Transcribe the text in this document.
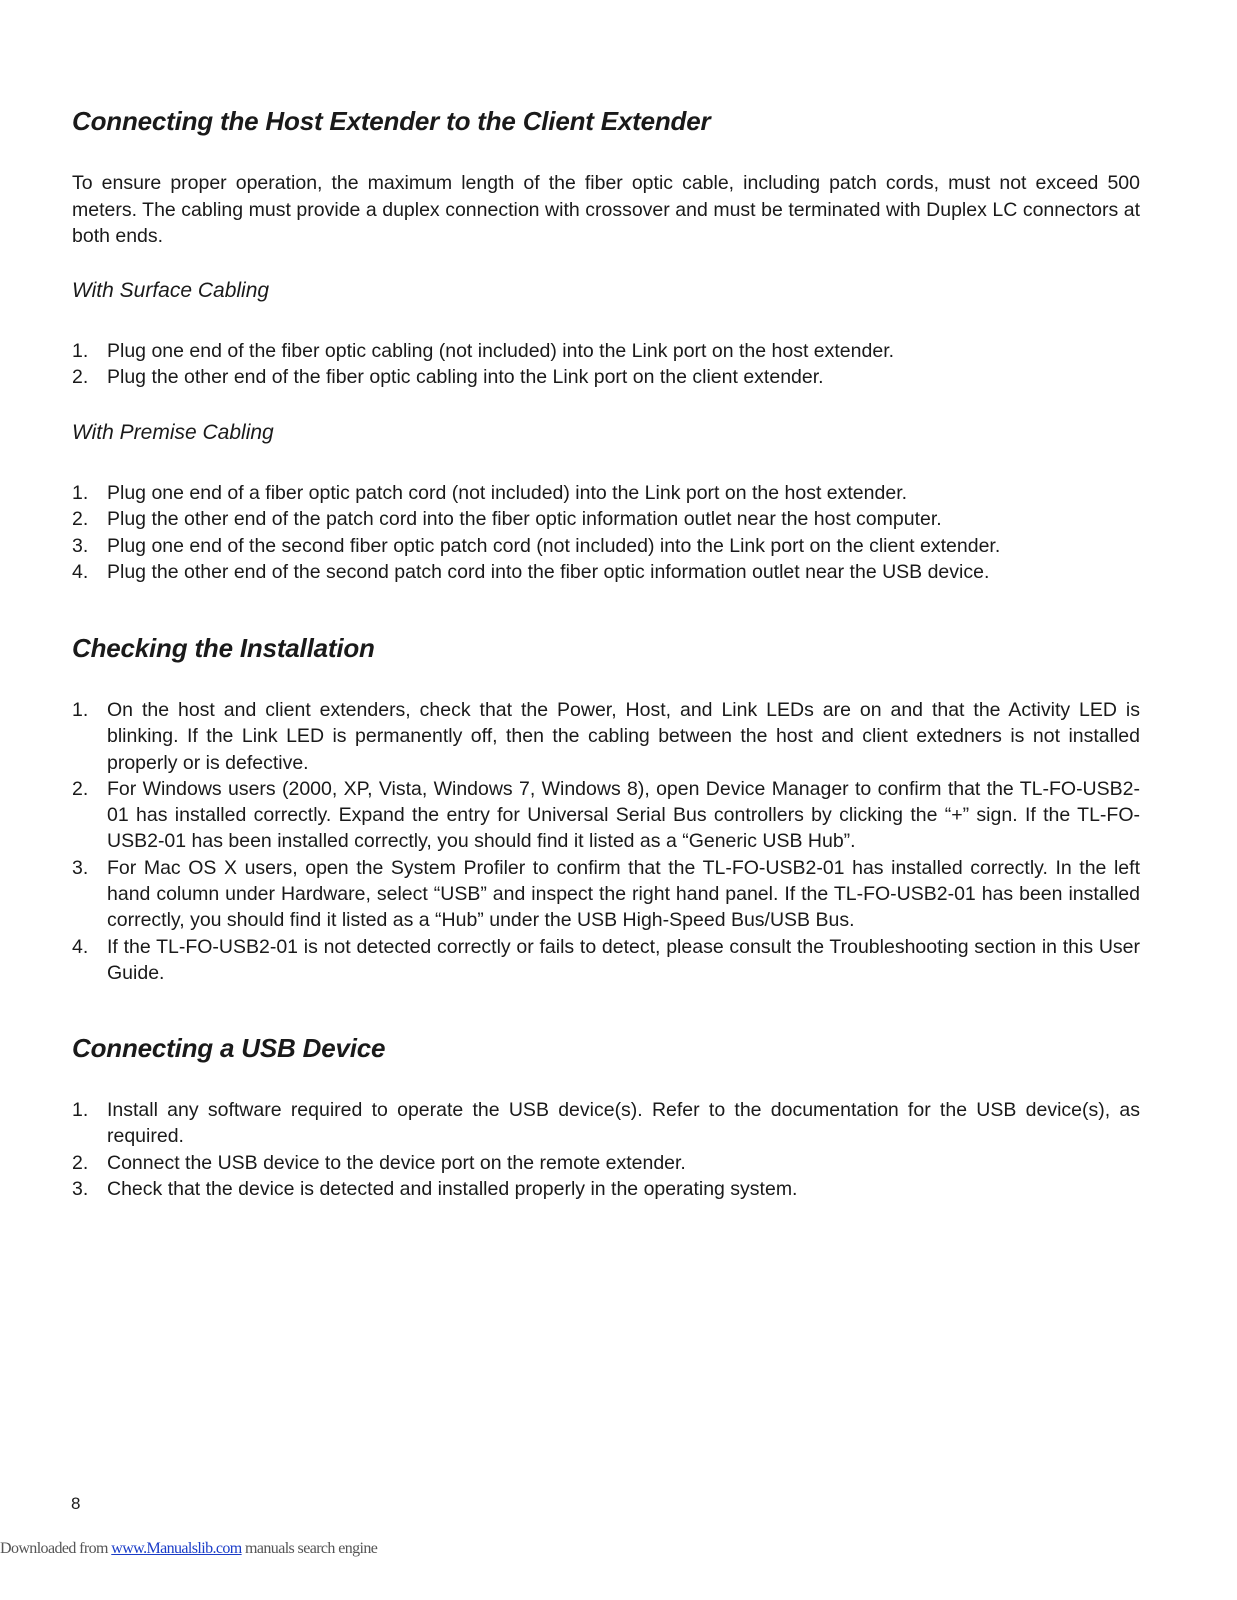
Connecting the Host Extender to the Client Extender
To ensure proper operation, the maximum length of the fiber optic cable, including patch cords, must not exceed 500 meters. The cabling must provide a duplex connection with crossover and must be terminated with Duplex LC connectors at both ends.
With Surface Cabling
1. Plug one end of the fiber optic cabling (not included) into the Link port on the host extender.
2. Plug the other end of the fiber optic cabling into the Link port on the client extender.
With Premise Cabling
1. Plug one end of a fiber optic patch cord (not included) into the Link port on the host extender.
2. Plug the other end of the patch cord into the fiber optic information outlet near the host computer.
3. Plug one end of the second fiber optic patch cord (not included) into the Link port on the client extender.
4. Plug the other end of the second patch cord into the fiber optic information outlet near the USB device.
Checking the Installation
1. On the host and client extenders, check that the Power, Host, and Link LEDs are on and that the Activity LED is blinking. If the Link LED is permanently off, then the cabling between the host and client extedners is not installed properly or is defective.
2. For Windows users (2000, XP, Vista, Windows 7, Windows 8), open Device Manager to confirm that the TL-FO-USB2-01 has installed correctly. Expand the entry for Universal Serial Bus controllers by clicking the “+” sign. If the TL-FO-USB2-01 has been installed correctly, you should find it listed as a “Generic USB Hub”.
3. For Mac OS X users, open the System Profiler to confirm that the TL-FO-USB2-01 has installed correctly. In the left hand column under Hardware, select “USB” and inspect the right hand panel. If the TL-FO-USB2-01 has been installed correctly, you should find it listed as a “Hub” under the USB High-Speed Bus/USB Bus.
4. If the TL-FO-USB2-01 is not detected correctly or fails to detect, please consult the Troubleshooting section in this User Guide.
Connecting a USB Device
1. Install any software required to operate the USB device(s). Refer to the documentation for the USB device(s), as required.
2. Connect the USB device to the device port on the remote extender.
3. Check that the device is detected and installed properly in the operating system.
8
Downloaded from www.Manualslib.com manuals search engine
